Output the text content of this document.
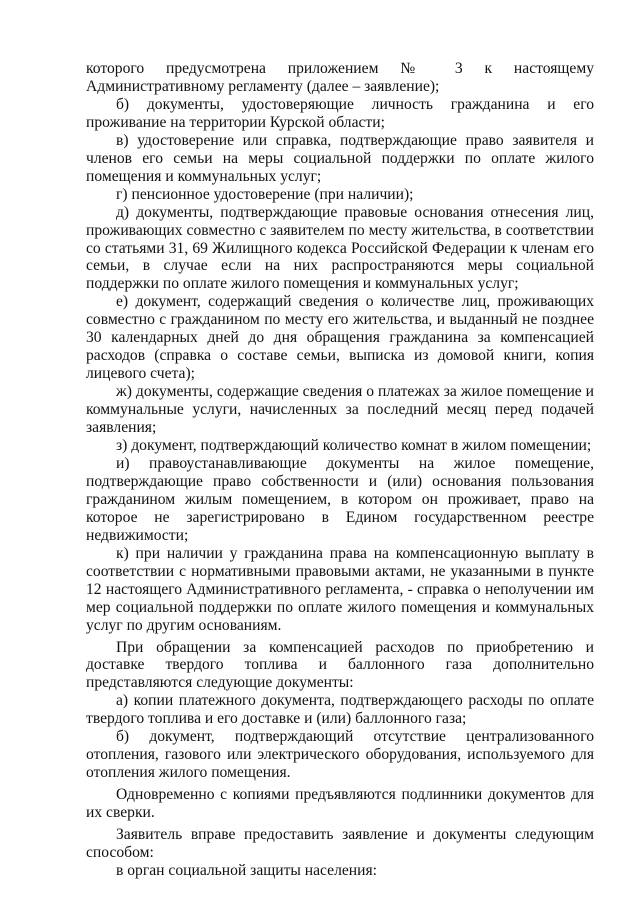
которого предусмотрена приложением № 3 к настоящему Административному регламенту (далее – заявление);

б) документы, удостоверяющие личность гражданина и его проживание на территории Курской области;

в) удостоверение или справка, подтверждающие право заявителя и членов его семьи на меры социальной поддержки по оплате жилого помещения и коммунальных услуг;

г) пенсионное удостоверение (при наличии);

д) документы, подтверждающие правовые основания отнесения лиц, проживающих совместно с заявителем по месту жительства, в соответствии со статьями 31, 69 Жилищного кодекса Российской Федерации к членам его семьи, в случае если на них распространяются меры социальной поддержки по оплате жилого помещения и коммунальных услуг;

е) документ, содержащий сведения о количестве лиц, проживающих совместно с гражданином по месту его жительства, и выданный не позднее 30 календарных дней до дня обращения гражданина за компенсацией расходов (справка о составе семьи, выписка из домовой книги, копия лицевого счета);

ж) документы, содержащие сведения о платежах за жилое помещение и коммунальные услуги, начисленных за последний месяц перед подачей заявления;

з) документ, подтверждающий количество комнат в жилом помещении;

и) правоустанавливающие документы на жилое помещение, подтверждающие право собственности и (или) основания пользования гражданином жилым помещением, в котором он проживает, право на которое не зарегистрировано в Едином государственном реестре недвижимости;

к) при наличии у гражданина права на компенсационную выплату в соответствии с нормативными правовыми актами, не указанными в пункте 12 настоящего Административного регламента, - справка о неполучении им мер социальной поддержки по оплате жилого помещения и коммунальных услуг по другим основаниям.

При обращении за компенсацией расходов по приобретению и доставке твердого топлива и баллонного газа дополнительно представляются следующие документы:

а) копии платежного документа, подтверждающего расходы по оплате твердого топлива и его доставке и (или) баллонного газа;

б) документ, подтверждающий отсутствие централизованного отопления, газового или электрического оборудования, используемого для отопления жилого помещения.

Одновременно с копиями предъявляются подлинники документов для их сверки.

Заявитель вправе предоставить заявление и документы следующим способом:

в орган социальной защиты населения:
